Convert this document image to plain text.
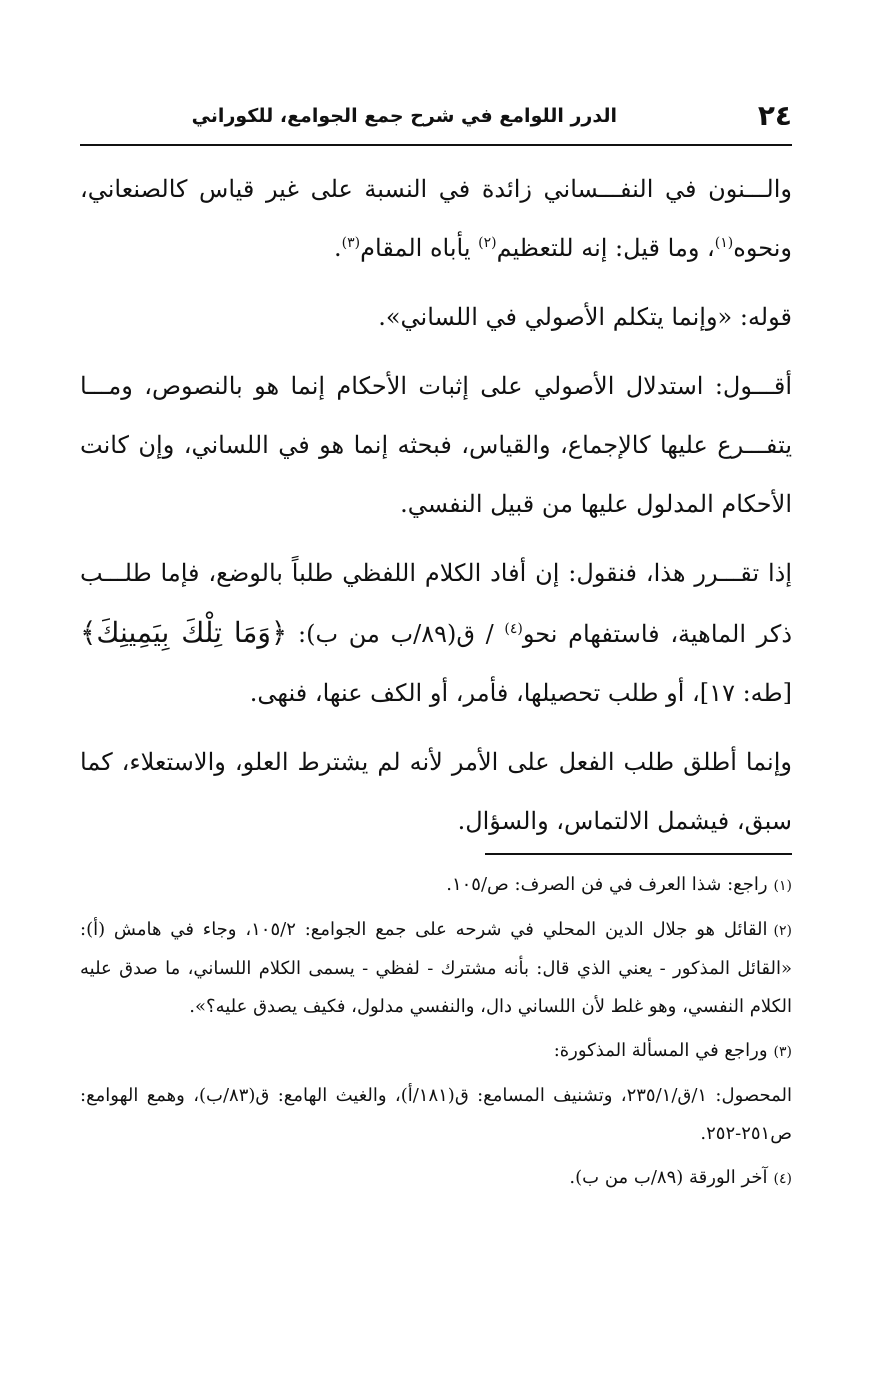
٢٤
الدرر اللوامع في شرح جمع الجوامع، للكوراني

والـــنون في النفـــساني زائدة في النسبة على غير قياس كالصنعاني، ونحوه$^{(١)}$، وما قيل: إنه للتعظيم$^{(٢)}$ يأباه المقام$^{(٣)}$.

قوله: «وإنما يتكلم الأصولي في اللساني».

أقـــول: استدلال الأصولي على إثبات الأحكام إنما هو بالنصوص، ومـــا يتفـــرع عليها كالإجماع، والقياس، فبحثه إنما هو في اللساني، وإن كانت الأحكام المدلول عليها من قبيل النفسي.

إذا تقـــرر هذا، فنقول: إن أفاد الكلام اللفظي طلباً بالوضع، فإما طلـــب ذكر الماهية، فاستفهام نحو$^{(٤)}$ / ق(٨٩/ب من ب): ﴿وَمَا تِلْكَ بِيَمِينِكَ﴾ [طه: ١٧]، أو طلب تحصيلها، فأمر، أو الكف عنها، فنهى.

وإنما أطلق طلب الفعل على الأمر لأنه لم يشترط العلو، والاستعلاء، كما سبق، فيشمل الالتماس، والسؤال.

(١)راجع: شذا العرف في فن الصرف: ص/١٠٥.

(٢)القائل هو جلال الدين المحلي في شرحه على جمع الجوامع: ١٠٥/٢، وجاء في هامش (أ): «القائل المذكور - يعني الذي قال: بأنه مشترك - لفظي - يسمى الكلام اللساني، ما صدق عليه الكلام النفسي، وهو غلط لأن اللساني دال، والنفسي مدلول، فكيف يصدق عليه؟».

(٣)وراجع في المسألة المذكورة:

المحصول: ١/ق/٢٣٥/١، وتشنيف المسامع: ق(١٨١/أ)، والغيث الهامع: ق(٨٣/ب)، وهمع الهوامع: ص٢٥١-٢٥٢.

(٤)آخر الورقة (٨٩/ب من ب).
